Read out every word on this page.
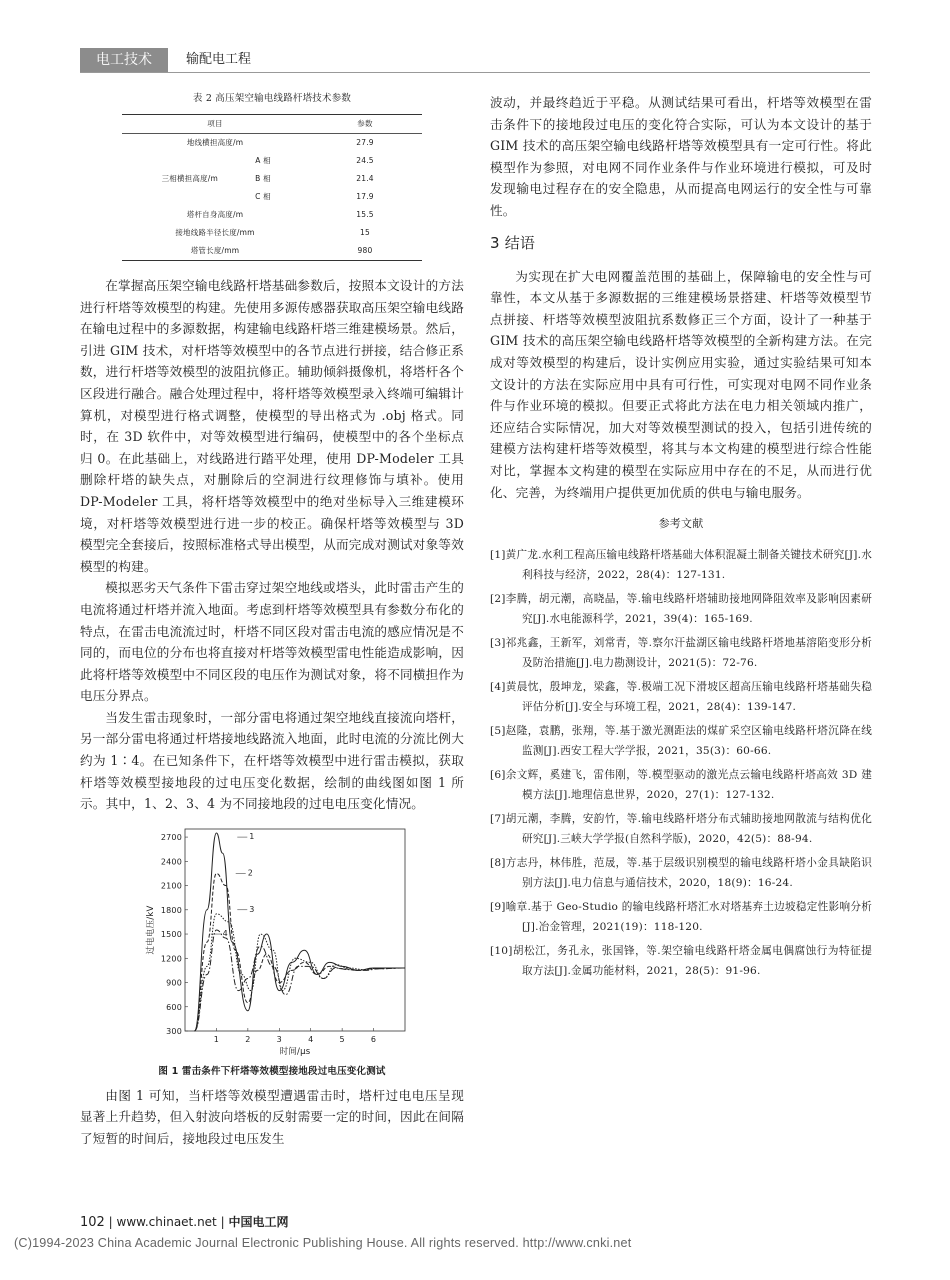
电工技术	输配电工程
表 2 高压架空输电线路杆塔技术参数
项目		参数
地线横担高度/m		27.9
	A 相	24.5
三相横担高度/m	B 相	21.4
	C 相	17.9
塔杆自身高度/m		15.5
接地线路半径长度/mm		15
塔管长度/mm		980

在掌握高压架空输电线路杆塔基础参数后，按照本文设计的方法进行杆塔等效模型的构建。先使用多源传感器获取高压架空输电线路在输电过程中的多源数据，构建输电线路杆塔三维建模场景。然后，引进 GIM 技术，对杆塔等效模型中的各节点进行拼接，结合修正系数，进行杆塔等效模型的波阻抗修正。辅助倾斜摄像机，将塔杆各个区段进行融合。融合处理过程中，将杆塔等效模型录入终端可编辑计算机，对模型进行格式调整，使模型的导出格式为 .obj 格式。同时，在 3D 软件中，对等效模型进行编码，使模型中的各个坐标点归 0。在此基础上，对线路进行踏平处理，使用 DP-Modeler 工具删除杆塔的缺失点，对删除后的空洞进行纹理修饰与填补。使用 DP-Modeler 工具，将杆塔等效模型中的绝对坐标导入三维建模环境，对杆塔等效模型进行进一步的校正。确保杆塔等效模型与 3D 模型完全套接后，按照标准格式导出模型，从而完成对测试对象等效模型的构建。

模拟恶劣天气条件下雷击穿过架空地线或塔头，此时雷击产生的电流将通过杆塔并流入地面。考虑到杆塔等效模型具有参数分布化的特点，在雷击电流流过时，杆塔不同区段对雷击电流的感应情况是不同的，而电位的分布也将直接对杆塔等效模型雷电性能造成影响，因此将杆塔等效模型中不同区段的电压作为测试对象，将不同横担作为电压分界点。

当发生雷击现象时，一部分雷电将通过架空地线直接流向塔杆，另一部分雷电将通过杆塔接地线路流入地面，此时电流的分流比例大约为 1∶4。在已知条件下，在杆塔等效模型中进行雷击模拟，获取杆塔等效模型接地段的过电压变化数据，绘制的曲线图如图 1 所示。其中，1、2、3、4 为不同接地段的过电电压变化情况。

300
600
900
1200
1500
1800
2100
2400
2700
1	2	3	4	5	6
时间/μs
过电电压/kV
1
2
3
4
图 1 雷击条件下杆塔等效模型接地段过电压变化测试

由图 1 可知，当杆塔等效模型遭遇雷击时，塔杆过电电压呈现显著上升趋势，但入射波向塔板的反射需要一定的时间，因此在间隔了短暂的时间后，接地段过电压发生

波动，并最终趋近于平稳。从测试结果可看出，杆塔等效模型在雷击条件下的接地段过电压的变化符合实际，可认为本文设计的基于 GIM 技术的高压架空输电线路杆塔等效模型具有一定可行性。将此模型作为参照，对电网不同作业条件与作业环境进行模拟，可及时发现输电过程存在的安全隐患，从而提高电网运行的安全性与可靠性。

3 结语

为实现在扩大电网覆盖范围的基础上，保障输电的安全性与可靠性，本文从基于多源数据的三维建模场景搭建、杆塔等效模型节点拼接、杆塔等效模型波阻抗系数修正三个方面，设计了一种基于 GIM 技术的高压架空输电线路杆塔等效模型的全新构建方法。在完成对等效模型的构建后，设计实例应用实验，通过实验结果可知本文设计的方法在实际应用中具有可行性，可实现对电网不同作业条件与作业环境的模拟。但要正式将此方法在电力相关领域内推广，还应结合实际情况，加大对等效模型测试的投入，包括引进传统的建模方法构建杆塔等效模型，将其与本文构建的模型进行综合性能对比，掌握本文构建的模型在实际应用中存在的不足，从而进行优化、完善，为终端用户提供更加优质的供电与输电服务。

参考文献
[1]黄广龙.水利工程高压输电线路杆塔基础大体积混凝土制备关键技术研究[J].水利科技与经济，2022，28(4)：127-131.
[2]李腾，胡元潮，高晓晶，等.输电线路杆塔辅助接地网降阻效率及影响因素研究[J].水电能源科学，2021，39(4)：165-169.
[3]祁兆鑫，王新军，刘常青，等.察尔汗盐湖区输电线路杆塔地基溶陷变形分析及防治措施[J].电力勘测设计，2021(5)：72-76.
[4]黄晨忱，殷坤龙，梁鑫，等.极端工况下滑坡区超高压输电线路杆塔基础失稳评估分析[J].安全与环境工程，2021，28(4)：139-147.
[5]赵隆，袁鹏，张翔，等.基于激光测距法的煤矿采空区输电线路杆塔沉降在线监测[J].西安工程大学学报，2021，35(3)：60-66.
[6]余文辉，奚建飞，雷伟刚，等.模型驱动的激光点云输电线路杆塔高效 3D 建模方法[J].地理信息世界，2020，27(1)：127-132.
[7]胡元潮，李腾，安韵竹，等.输电线路杆塔分布式辅助接地网散流与结构优化研究[J].三峡大学学报(自然科学版)，2020，42(5)：88-94.
[8]方志丹，林伟胜，范晟，等.基于层级识别模型的输电线路杆塔小金具缺陷识别方法[J].电力信息与通信技术，2020，18(9)：16-24.
[9]喻章.基于 Geo-Studio 的输电线路杆塔汇水对塔基弃土边坡稳定性影响分析[J].冶金管理，2021(19)：118-120.
[10]胡松江，务孔永，张国锋，等.架空输电线路杆塔金属电偶腐蚀行为特征提取方法[J].金属功能材料，2021，28(5)：91-96.
102 | www.chinaet.net | 中国电工网
(C)1994-2023 China Academic Journal Electronic Publishing House. All rights reserved. http://www.cnki.net
